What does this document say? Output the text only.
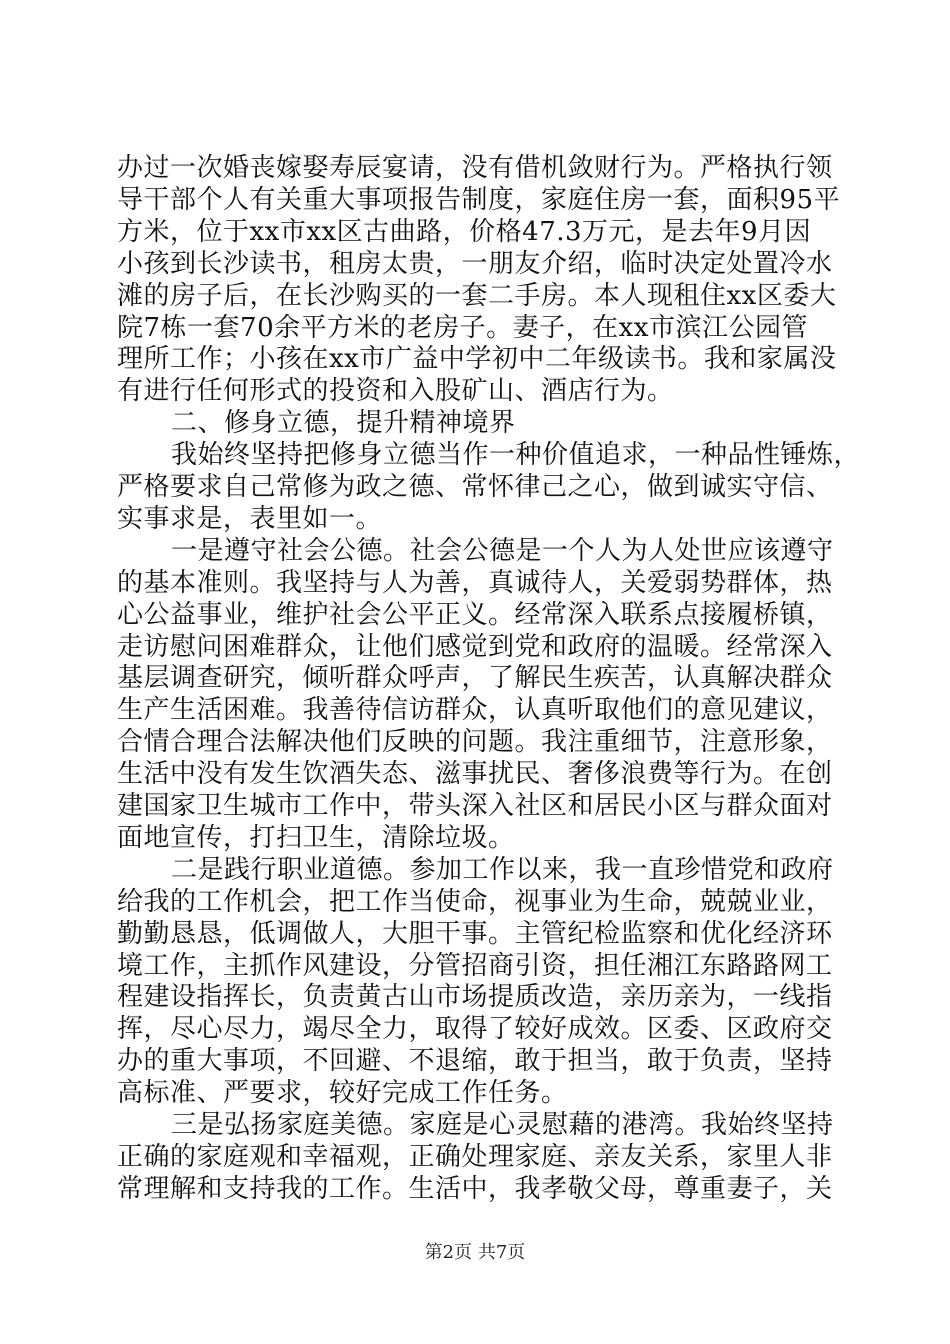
办过一次婚丧嫁娶寿辰宴请，没有借机敛财行为。严格执行领
导干部个人有关重大事项报告制度，家庭住房一套，面积95平
方米，位于xx市xx区古曲路，价格47.3万元，是去年9月因
小孩到长沙读书，租房太贵，一朋友介绍，临时决定处置冷水
滩的房子后，在长沙购买的一套二手房。本人现租住xx区委大
院7栋一套70余平方米的老房子。妻子，在xx市滨江公园管
理所工作；小孩在xx市广益中学初中二年级读书。我和家属没
有进行任何形式的投资和入股矿山、酒店行为。
二、修身立德，提升精神境界
我始终坚持把修身立德当作一种价值追求，一种品性锤炼，
严格要求自己常修为政之德、常怀律己之心，做到诚实守信、
实事求是，表里如一。
一是遵守社会公德。社会公德是一个人为人处世应该遵守
的基本准则。我坚持与人为善，真诚待人，关爱弱势群体，热
心公益事业，维护社会公平正义。经常深入联系点接履桥镇，
走访慰问困难群众，让他们感觉到党和政府的温暖。经常深入
基层调查研究，倾听群众呼声，了解民生疾苦，认真解决群众
生产生活困难。我善待信访群众，认真听取他们的意见建议，
合情合理合法解决他们反映的问题。我注重细节，注意形象，
生活中没有发生饮酒失态、滋事扰民、奢侈浪费等行为。在创
建国家卫生城市工作中，带头深入社区和居民小区与群众面对
面地宣传，打扫卫生，清除垃圾。
二是践行职业道德。参加工作以来，我一直珍惜党和政府
给我的工作机会，把工作当使命，视事业为生命，兢兢业业，
勤勤恳恳，低调做人，大胆干事。主管纪检监察和优化经济环
境工作，主抓作风建设，分管招商引资，担任湘江东路路网工
程建设指挥长，负责黄古山市场提质改造，亲历亲为，一线指
挥，尽心尽力，竭尽全力，取得了较好成效。区委、区政府交
办的重大事项，不回避、不退缩，敢于担当，敢于负责，坚持
高标准、严要求，较好完成工作任务。
三是弘扬家庭美德。家庭是心灵慰藉的港湾。我始终坚持
正确的家庭观和幸福观，正确处理家庭、亲友关系，家里人非
常理解和支持我的工作。生活中，我孝敬父母，尊重妻子，关
第2页 共7页
